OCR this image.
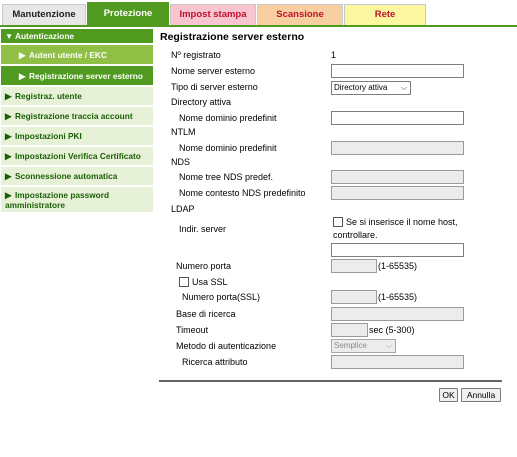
Manutenzione	Protezione	Impost stampa	Scansione	Rete
▼ Autenticazione
▶ Autent utente / EKC
▶ Registrazione server esterno
▶ Registraz. utente
▶ Registrazione traccia account
▶ Impostazioni PKI
▶ Impostazioni Verifica Certificato
▶ Sconnessione automatica
▶ Impostazione password
amministratore
Registrazione server esterno
Nº registrato	1
Nome server esterno
Tipo di server esterno	Directory attiva ⌵
Directory attiva
Nome dominio predefinit
NTLM
Nome dominio predefinit
NDS
Nome tree NDS predef.
Nome contesto NDS predefinito
LDAP
Indir. server
Se si inserisce il nome host,
controllare.
Numero porta	(1-65535)
Usa SSL
Numero porta(SSL)	(1-65535)
Base di ricerca
Timeout	sec (5-300)
Metodo di autenticazione	Semplice ⌵
Ricerca attributo
OK	Annulla
